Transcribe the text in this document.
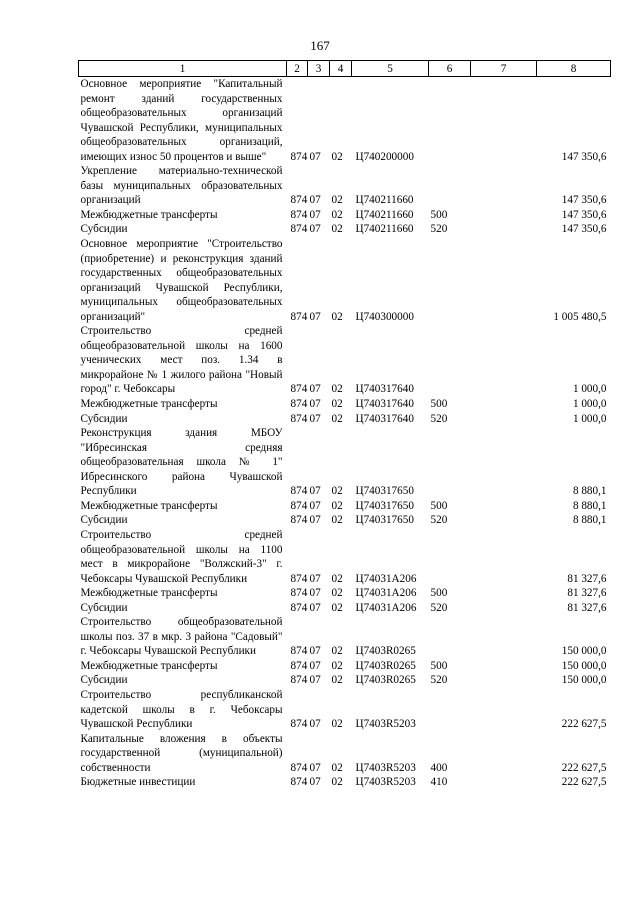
167
1	2	3	4	5	6	7	8
Основное мероприятие "Капитальный ремонт зданий государственных общеобразовательных организаций Чувашской Республики, муниципальных общеобразовательных организаций, имеющих износ 50 процентов и выше"	874	07	02	Ц740200000			147 350,6
Укрепление материально-технической базы муниципальных образовательных организаций	874	07	02	Ц740211660			147 350,6
Межбюджетные трансферты	874	07	02	Ц740211660	500		147 350,6
Субсидии	874	07	02	Ц740211660	520		147 350,6
Основное мероприятие "Строительство (приобретение) и реконструкция зданий государственных общеобразовательных организаций Чувашской Республики, муниципальных общеобразовательных организаций"	874	07	02	Ц740300000			1 005 480,5
Строительство средней общеобразовательной школы на 1600 ученических мест поз. 1.34 в микрорайоне № 1 жилого района "Новый город" г. Чебоксары	874	07	02	Ц740317640			1 000,0
Межбюджетные трансферты	874	07	02	Ц740317640	500		1 000,0
Субсидии	874	07	02	Ц740317640	520		1 000,0
Реконструкция здания МБОУ "Ибресинская средняя общеобразовательная школа № 1" Ибресинского района Чувашской Республики	874	07	02	Ц740317650			8 880,1
Межбюджетные трансферты	874	07	02	Ц740317650	500		8 880,1
Субсидии	874	07	02	Ц740317650	520		8 880,1
Строительство средней общеобразовательной школы на 1100 мест в микрорайоне "Волжский-3" г. Чебоксары Чувашской Республики	874	07	02	Ц74031А206			81 327,6
Межбюджетные трансферты	874	07	02	Ц74031А206	500		81 327,6
Субсидии	874	07	02	Ц74031А206	520		81 327,6
Строительство общеобразовательной школы поз. 37 в мкр. 3 района "Садовый" г. Чебоксары Чувашской Республики	874	07	02	Ц7403R0265			150 000,0
Межбюджетные трансферты	874	07	02	Ц7403R0265	500		150 000,0
Субсидии	874	07	02	Ц7403R0265	520		150 000,0
Строительство республиканской кадетской школы в г. Чебоксары Чувашской Республики	874	07	02	Ц7403R5203			222 627,5
Капитальные вложения в объекты государственной (муниципальной) собственности	874	07	02	Ц7403R5203	400		222 627,5
Бюджетные инвестиции	874	07	02	Ц7403R5203	410		222 627,5
